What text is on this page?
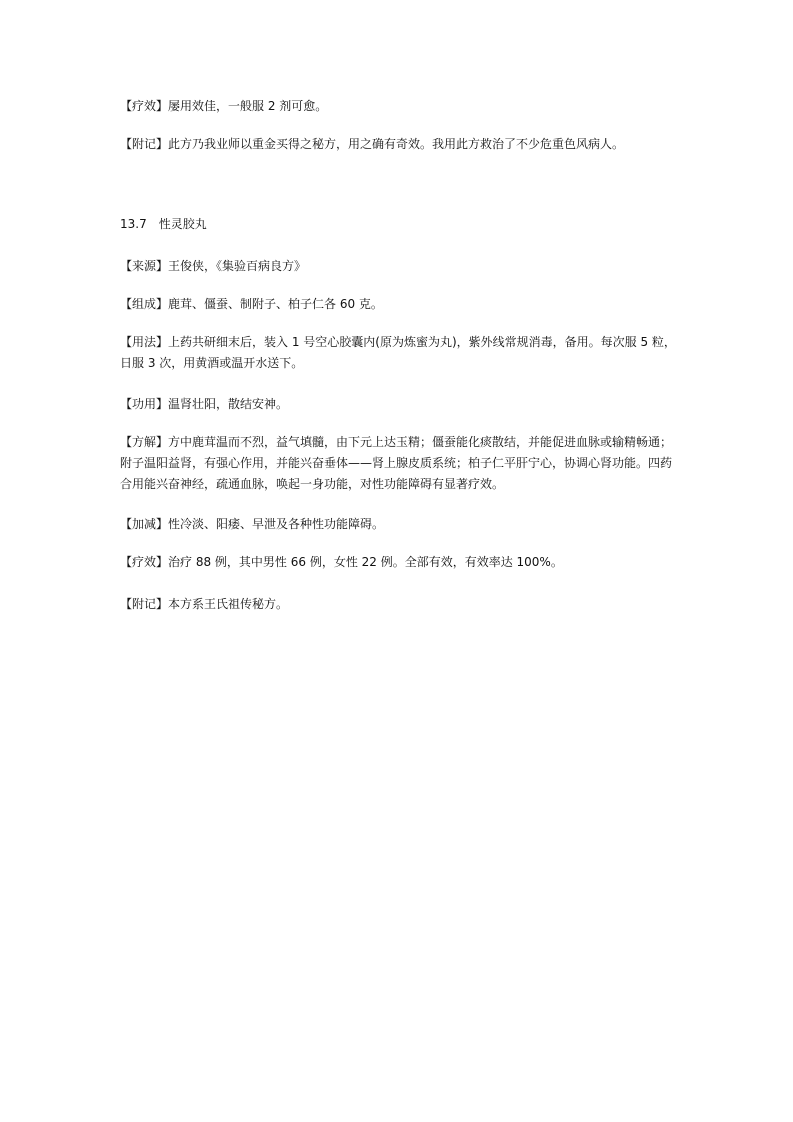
【疗效】屡用效佳，一般服 2 剂可愈。

【附记】此方乃我业师以重金买得之秘方，用之确有奇效。我用此方救治了不少危重色风病人。

13.7　性灵胶丸

【来源】王俊侠，《集验百病良方》

【组成】鹿茸、僵蚕、制附子、柏子仁各 60 克。

【用法】上药共研细末后，装入 1 号空心胶囊内(原为炼蜜为丸)，紫外线常规消毒，备用。每次服 5 粒，日服 3 次，用黄酒或温开水送下。

【功用】温肾壮阳，散结安神。

【方解】方中鹿茸温而不烈，益气填髓，由下元上达玉精；僵蚕能化痰散结，并能促进血脉或输精畅通；附子温阳益肾，有强心作用，并能兴奋垂体——肾上腺皮质系统；柏子仁平肝宁心，协调心肾功能。四药合用能兴奋神经，疏通血脉，唤起一身功能，对性功能障碍有显著疗效。

【加减】性冷淡、阳痿、早泄及各种性功能障碍。

【疗效】治疗 88 例，其中男性 66 例，女性 22 例。全部有效，有效率达 100%。

【附记】本方系王氏祖传秘方。
